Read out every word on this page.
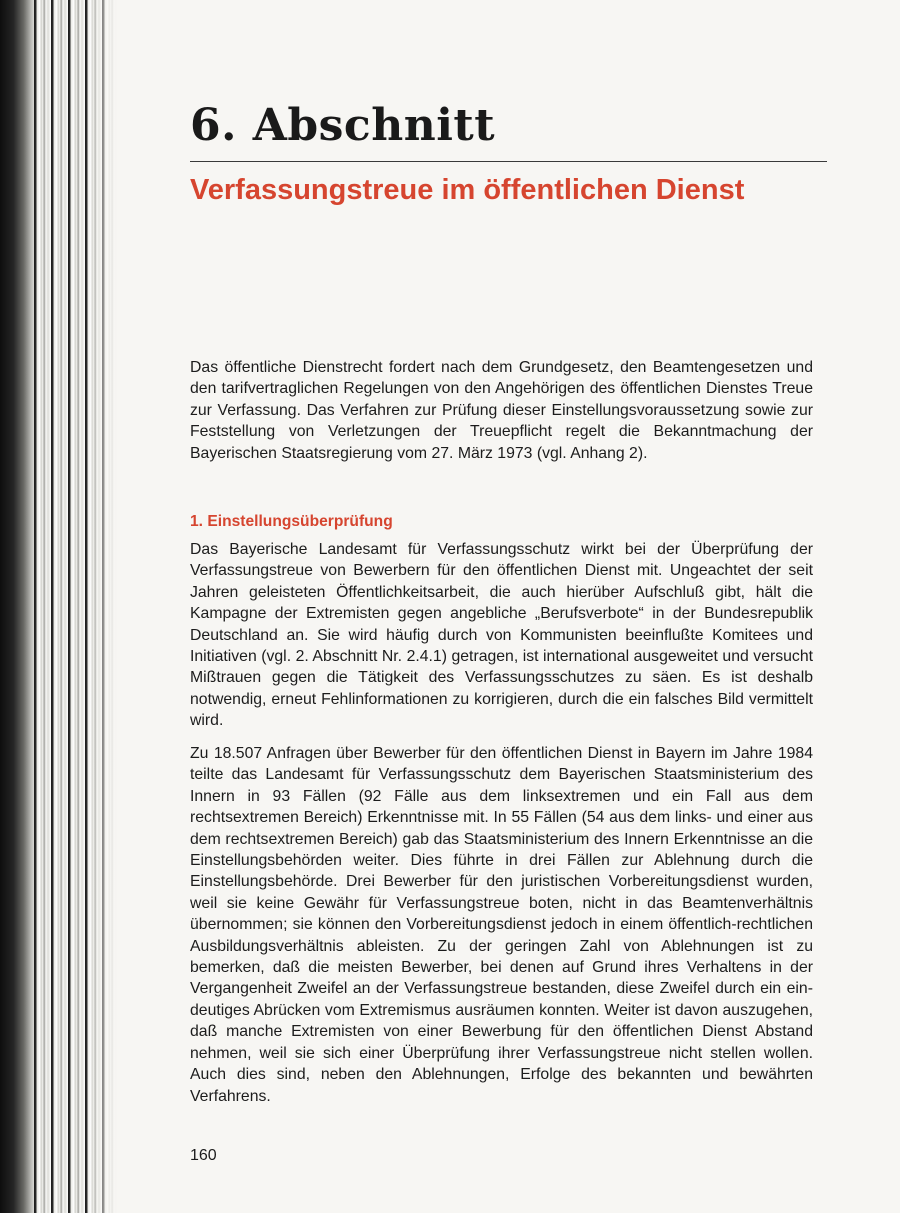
6. Abschnitt
Verfassungstreue im öffentlichen Dienst

Das öffentliche Dienstrecht fordert nach dem Grundgesetz, den Beamtengesetzen und den tarifvertraglichen Regelungen von den Angehörigen des öffentlichen Dienstes Treue zur Verfassung. Das Verfahren zur Prüfung dieser Einstellungsvoraussetzung sowie zur Feststellung von Verletzungen der Treuepflicht regelt die Bekanntmachung der Bayerischen Staatsregierung vom 27. März 1973 (vgl. Anhang 2).

1. Einstellungsüberprüfung

Das Bayerische Landesamt für Verfassungsschutz wirkt bei der Überprüfung der Verfassungstreue von Bewerbern für den öffentlichen Dienst mit. Ungeachtet der seit Jahren geleisteten Öffentlichkeitsarbeit, die auch hierüber Aufschluß gibt, hält die Kampagne der Extremisten gegen angebliche „Berufsverbote“ in der Bundesrepublik Deutschland an. Sie wird häufig durch von Kommunisten beeinflußte Komitees und Initiativen (vgl. 2. Abschnitt Nr. 2.4.1) getragen, ist international ausgeweitet und versucht Mißtrauen gegen die Tätigkeit des Verfassungsschutzes zu säen. Es ist deshalb notwendig, erneut Fehlinformationen zu korrigieren, durch die ein falsches Bild vermittelt wird.

Zu 18.507 Anfragen über Bewerber für den öffentlichen Dienst in Bayern im Jahre 1984 teilte das Landesamt für Verfassungsschutz dem Bayerischen Staatsministerium des Innern in 93 Fällen (92 Fälle aus dem linksextremen und ein Fall aus dem rechtsextremen Bereich) Erkenntnisse mit. In 55 Fällen (54 aus dem links- und einer aus dem rechtsextremen Bereich) gab das Staatsministerium des Innern Erkenntnisse an die Einstellungsbehörden weiter. Dies führte in drei Fällen zur Ablehnung durch die Einstellungsbehörde. Drei Bewerber für den juristischen Vorbereitungsdienst wurden, weil sie keine Gewähr für Verfassungstreue boten, nicht in das Beamtenverhältnis übernommen; sie können den Vorbereitungsdienst jedoch in einem öffentlich-rechtlichen Ausbildungsverhältnis ableisten. Zu der geringen Zahl von Ablehnungen ist zu bemerken, daß die meisten Bewerber, bei denen auf Grund ihres Verhaltens in der Vergangenheit Zweifel an der Verfassungstreue bestanden, diese Zweifel durch ein eindeutiges Abrücken vom Extremismus ausräumen konnten. Weiter ist davon auszugehen, daß manche Extremisten von einer Bewerbung für den öffentlichen Dienst Abstand nehmen, weil sie sich einer Überprüfung ihrer Verfassungstreue nicht stellen wollen. Auch dies sind, neben den Ablehnungen, Erfolge des bekannten und bewährten Verfahrens.

160
